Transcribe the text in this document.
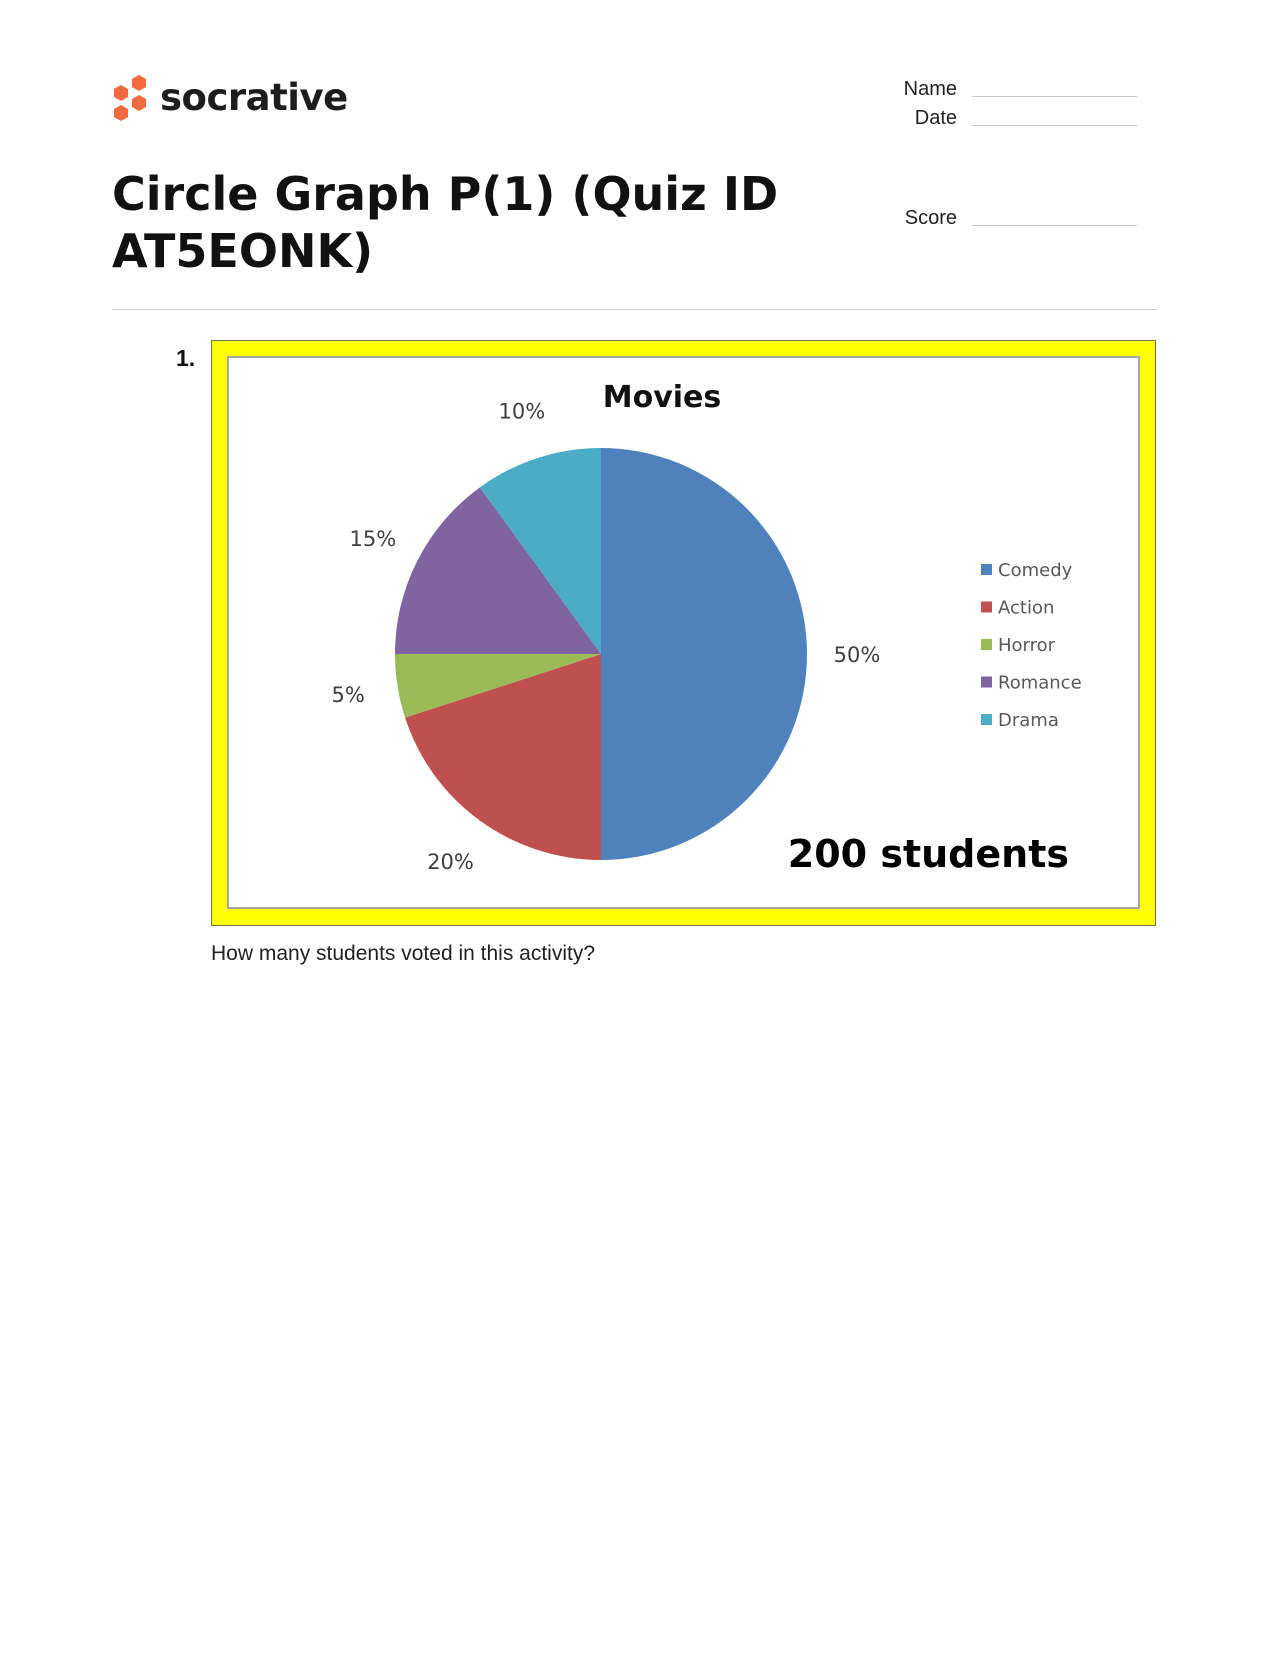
socrative	Name
Date
Score
Circle Graph P(1) (Quiz ID AT5EONK)
1.
Movies
50%
20%
5%
15%
10%
Comedy
Action
Horror
Romance
Drama
200 students

How many students voted in this activity?
